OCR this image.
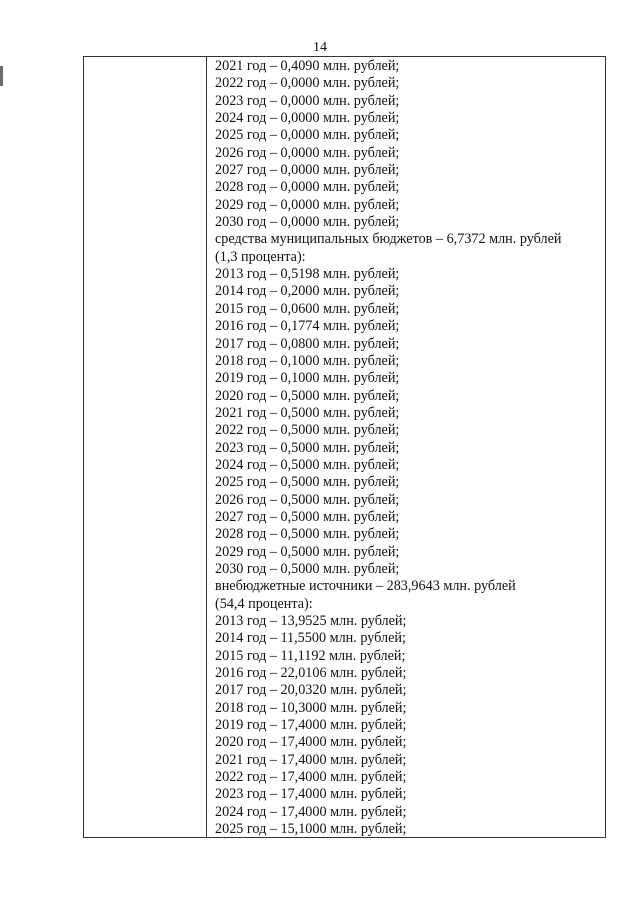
14
2021 год – 0,4090 млн. рублей;
2022 год – 0,0000 млн. рублей;
2023 год – 0,0000 млн. рублей;
2024 год – 0,0000 млн. рублей;
2025 год – 0,0000 млн. рублей;
2026 год – 0,0000 млн. рублей;
2027 год – 0,0000 млн. рублей;
2028 год – 0,0000 млн. рублей;
2029 год – 0,0000 млн. рублей;
2030 год – 0,0000 млн. рублей;
средства муниципальных бюджетов – 6,7372 млн. рублей
(1,3 процента):
2013 год – 0,5198 млн. рублей;
2014 год – 0,2000 млн. рублей;
2015 год – 0,0600 млн. рублей;
2016 год – 0,1774 млн. рублей;
2017 год – 0,0800 млн. рублей;
2018 год – 0,1000 млн. рублей;
2019 год – 0,1000 млн. рублей;
2020 год – 0,5000 млн. рублей;
2021 год – 0,5000 млн. рублей;
2022 год – 0,5000 млн. рублей;
2023 год – 0,5000 млн. рублей;
2024 год – 0,5000 млн. рублей;
2025 год – 0,5000 млн. рублей;
2026 год – 0,5000 млн. рублей;
2027 год – 0,5000 млн. рублей;
2028 год – 0,5000 млн. рублей;
2029 год – 0,5000 млн. рублей;
2030 год – 0,5000 млн. рублей;
внебюджетные источники – 283,9643 млн. рублей
(54,4 процента):
2013 год – 13,9525 млн. рублей;
2014 год – 11,5500 млн. рублей;
2015 год – 11,1192 млн. рублей;
2016 год – 22,0106 млн. рублей;
2017 год – 20,0320 млн. рублей;
2018 год – 10,3000 млн. рублей;
2019 год – 17,4000 млн. рублей;
2020 год – 17,4000 млн. рублей;
2021 год – 17,4000 млн. рублей;
2022 год – 17,4000 млн. рублей;
2023 год – 17,4000 млн. рублей;
2024 год – 17,4000 млн. рублей;
2025 год – 15,1000 млн. рублей;
